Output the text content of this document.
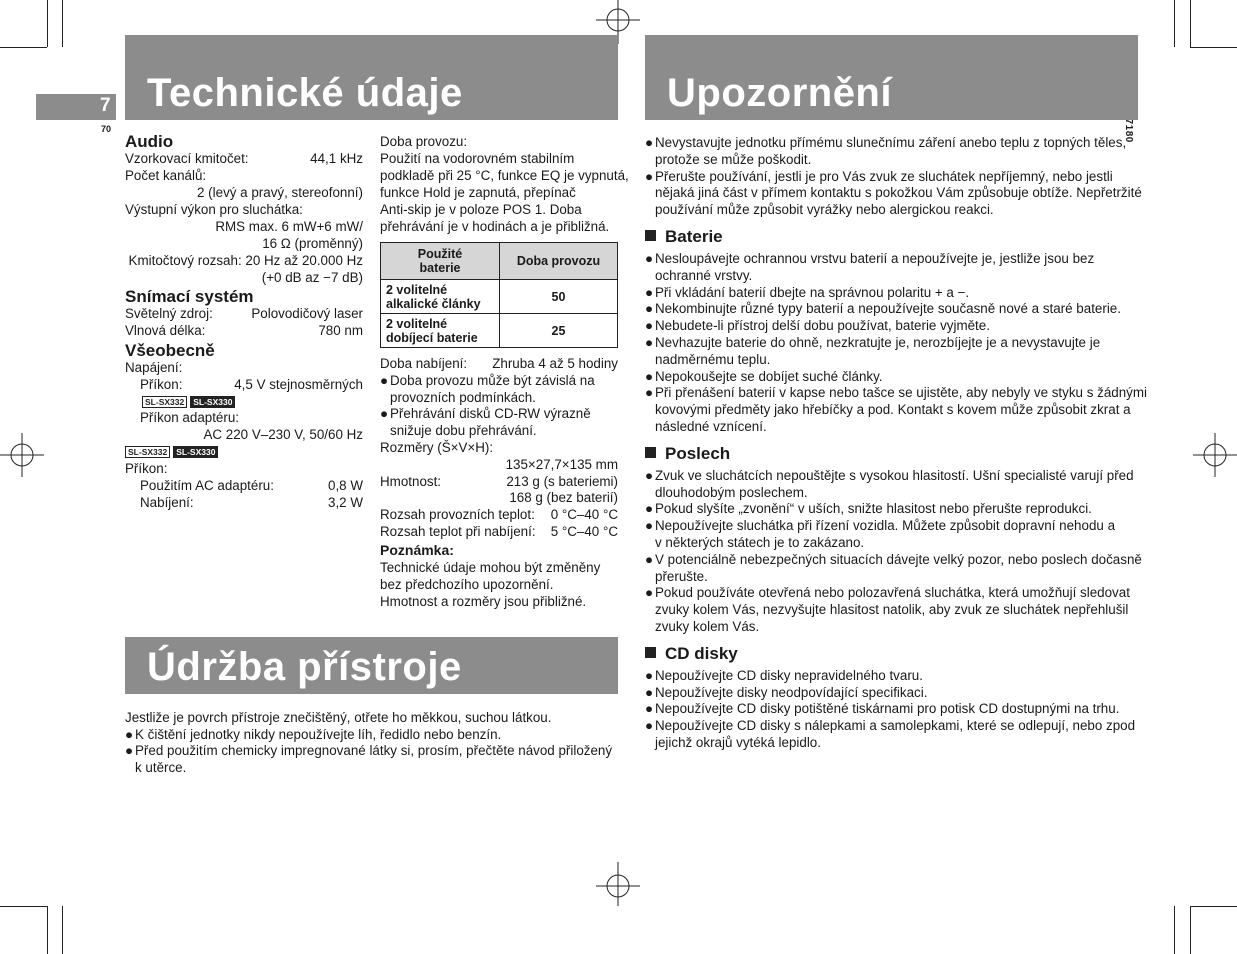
7
70
Technické údaje	Upozornění
Údržba přístroje
Audio
Vzorkovací kmitočet:	44,1 kHz
Počet kanálů:
2 (levý a pravý, stereofonní)
Výstupní výkon pro sluchátka:
RMS max. 6 mW+6 mW/
16 Ω (proměnný)
Kmitočtový rozsah: 20 Hz až 20.000 Hz
(+0 dB az −7 dB)
Snímací systém
Světelný zdroj:	Polovodičový laser
Vlnová délka:	780 nm
Všeobecně
Napájení:
Příkon:	4,5 V stejnosměrných
SL-SX332 SL-SX330
Příkon adaptéru:
AC 220 V–230 V, 50/60 Hz
SL-SX332 SL-SX330
Příkon:
Použitím AC adaptéru:	0,8 W
Nabíjení:	3,2 W
Doba provozu:
Použití na vodorovném stabilním
podkladě při 25 °C, funkce EQ je vypnutá,
funkce Hold je zapnutá, přepínač
Anti-skip je v poloze POS 1. Doba
přehrávání je v hodinách a je přibližná.
Použité
baterie	Doba provozu

2 volitelné
alkalické články	50

2 volitelné
dobíjecí baterie	25
Doba nabíjení: Zhruba 4 až 5 hodiny
● Doba provozu může být závislá na
provozních podmínkách.
● Přehrávání disků CD-RW výrazně
snižuje dobu přehrávání.
Rozměry (Š×V×H):
135×27,7×135 mm
Hmotnost:	213 g (s bateriemi)
168 g (bez baterií)
Rozsah provozních teplot: 0 °C–40 °C
Rozsah teplot při nabíjení: 5 °C–40 °C
Poznámka:
Technické údaje mohou být změněny
bez předchozího upozornění.
Hmotnost a rozměry jsou přibližné.
Jestliže je povrch přístroje znečištěný, otřete ho měkkou, suchou látkou.
● K čištění jednotky nikdy nepoužívejte líh, ředidlo nebo benzín.
● Před použitím chemicky impregnované látky si, prosím, přečtěte návod přiložený
k utěrce.
● Nevystavujte jednotku přímému slunečnímu záření anebo teplu z topných těles,
protože se může poškodit.
● Přerušte používání, jestli je pro Vás zvuk ze sluchátek nepříjemný, nebo jestli
nějaká jiná část v přímem kontaktu s pokožkou Vám způsobuje obtíže. Nepřetržité
používání může způsobit vyrážky nebo alergickou reakci.
Baterie
● Nesloupávejte ochrannou vrstvu baterií a nepoužívejte je, jestliže jsou bez
ochranné vrstvy.
● Při vkládání baterií dbejte na správnou polaritu + a −.
● Nekombinujte různé typy baterií a nepoužívejte současně nové a staré baterie.
● Nebudete-li přístroj delší dobu používat, baterie vyjměte.
● Nevhazujte baterie do ohně, nezkratujte je, nerozbíjejte je a nevystavujte je
nadměrnému teplu.
● Nepokoušejte se dobíjet suché články.
● Při přenášení baterií v kapse nebo tašce se ujistěte, aby nebyly ve styku s žádnými
kovovými předměty jako hřebíčky a pod. Kontakt s kovem může způsobit zkrat a
následné vznícení.
Poslech
● Zvuk ve sluchátcích nepouštějte s vysokou hlasitostí. Ušní specialisté varují před
dlouhodobým poslechem.
● Pokud slyšíte „zvonění“ v uších, snižte hlasitost nebo přerušte reprodukci.
● Nepoužívejte sluchátka při řízení vozidla. Můžete způsobit dopravní nehodu a
v některých státech je to zakázano.
● V potenciálně nebezpečných situacích dávejte velký pozor, nebo poslech dočasně
přerušte.
● Pokud používáte otevřená nebo polozavřená sluchátka, která umožňují sledovat
zvuky kolem Vás, nezvyšujte hlasitost natolik, aby zvuk ze sluchátek nepřehlušil
zvuky kolem Vás.
CD disky
● Nepoužívejte CD disky nepravidelného tvaru.
● Nepoužívejte disky neodpovídající specifikaci.
● Nepoužívejte CD disky potištěné tiskárnami pro potisk CD dostupnými na trhu.
● Nepoužívejte CD disky s nálepkami a samolepkami, které se odlepují, nebo zpod
jejichž okrajů vytéká lepidlo.
